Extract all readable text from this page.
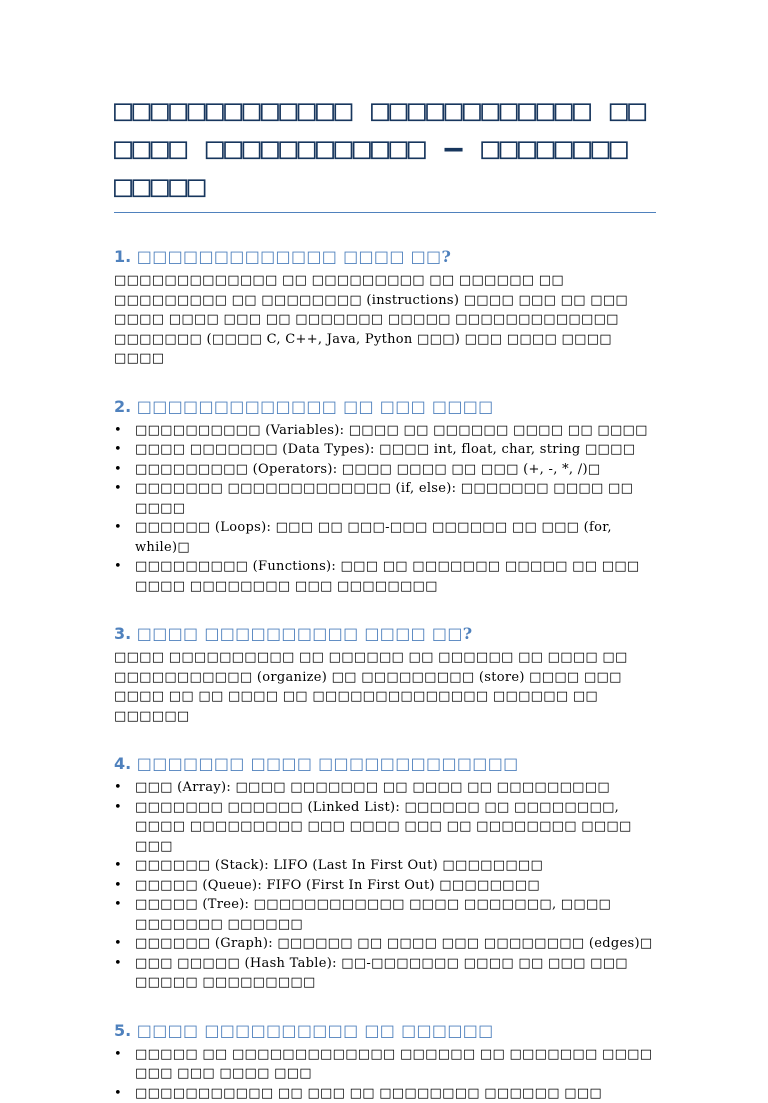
□□□□□□□□□□□□□ □□□□□□□□□□□□ □□ □□□□ □□□□□□□□□□□□ – □□□□□□□□ □□□□□
1. □□□□□□□□□□□□□ □□□□ □□?

□□□□□□□□□□□□□ □□ □□□□□□□□□ □□ □□□□□□ □□ □□□□□□□□□ □□ □□□□□□□□ (instructions) □□□□ □□□ □□ □□□ □□□□ □□□□ □□□ □□ □□□□□□□ □□□□□ □□□□□□□□□□□□□ □□□□□□□ (□□□□ C, C++, Java, Python □□□) □□□ □□□□ □□□□ □□□□

2. □□□□□□□□□□□□□ □□ □□□ □□□□
• □□□□□□□□□□ (Variables): □□□□ □□ □□□□□□ □□□□ □□ □□□□
• □□□□ □□□□□□□ (Data Types): □□□□ int, float, char, string □□□□
• □□□□□□□□□ (Operators): □□□□ □□□□ □□ □□□ (+, -, *, /)□
• □□□□□□□ □□□□□□□□□□□□□ (if, else): □□□□□□□ □□□□ □□ □□□□
• □□□□□□ (Loops): □□□ □□ □□□-□□□ □□□□□□ □□ □□□ (for, while)□
• □□□□□□□□□ (Functions): □□□ □□ □□□□□□□ □□□□□ □□ □□□ □□□□ □□□□□□□□ □□□ □□□□□□□□
3. □□□□ □□□□□□□□□□ □□□□ □□?

□□□□ □□□□□□□□□□ □□ □□□□□□ □□ □□□□□□ □□ □□□□ □□ □□□□□□□□□□□ (organize) □□ □□□□□□□□□ (store) □□□□ □□□ □□□□ □□ □□ □□□□ □□ □□□□□□□□□□□□□□ □□□□□□ □□ □□□□□□

4. □□□□□□□ □□□□ □□□□□□□□□□□□□
• □□□ (Array): □□□□ □□□□□□□ □□ □□□□ □□ □□□□□□□□□
• □□□□□□□ □□□□□□ (Linked List): □□□□□□ □□ □□□□□□□□, □□□□ □□□□□□□□□ □□□ □□□□ □□□ □□ □□□□□□□□ □□□□ □□□
• □□□□□□ (Stack): LIFO (Last In First Out) □□□□□□□□
• □□□□□ (Queue): FIFO (First In First Out) □□□□□□□□
• □□□□□ (Tree): □□□□□□□□□□□□ □□□□ □□□□□□□, □□□□ □□□□□□□ □□□□□□
• □□□□□□ (Graph): □□□□□□ □□ □□□□ □□□ □□□□□□□□ (edges)□
• □□□ □□□□□ (Hash Table): □□-□□□□□□□ □□□□ □□ □□□ □□□ □□□□□ □□□□□□□□□
5. □□□□ □□□□□□□□□□ □□ □□□□□□
• □□□□□ □□ □□□□□□□□□□□□□ □□□□□□ □□ □□□□□□□ □□□□ □□□ □□□ □□□□ □□□
• □□□□□□□□□□□ □□ □□□ □□ □□□□□□□□ □□□□□□ □□□
